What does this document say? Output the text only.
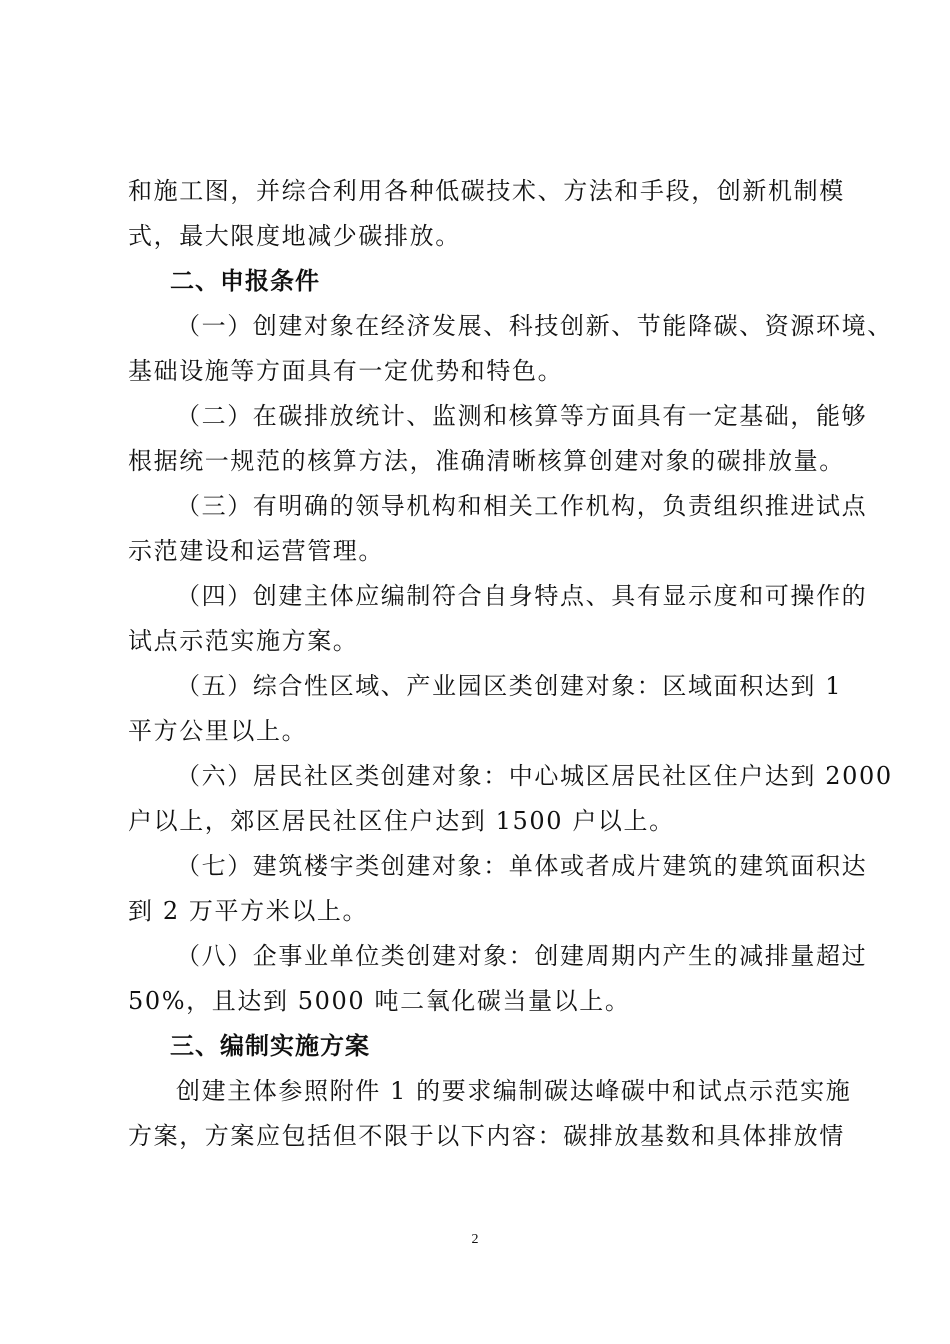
和施工图，并综合利用各种低碳技术、方法和手段，创新机制模
式，最大限度地减少碳排放。
二、申报条件
（一）创建对象在经济发展、科技创新、节能降碳、资源环境、
基础设施等方面具有一定优势和特色。
（二）在碳排放统计、监测和核算等方面具有一定基础，能够
根据统一规范的核算方法，准确清晰核算创建对象的碳排放量。
（三）有明确的领导机构和相关工作机构，负责组织推进试点
示范建设和运营管理。
（四）创建主体应编制符合自身特点、具有显示度和可操作的
试点示范实施方案。
（五）综合性区域、产业园区类创建对象：区域面积达到 1
平方公里以上。
（六）居民社区类创建对象：中心城区居民社区住户达到 2000
户以上，郊区居民社区住户达到 1500 户以上。
（七）建筑楼宇类创建对象：单体或者成片建筑的建筑面积达
到 2 万平方米以上。
（八）企事业单位类创建对象：创建周期内产生的减排量超过
50%，且达到 5000 吨二氧化碳当量以上。
三、编制实施方案
创建主体参照附件 1 的要求编制碳达峰碳中和试点示范实施
方案，方案应包括但不限于以下内容：碳排放基数和具体排放情
2
